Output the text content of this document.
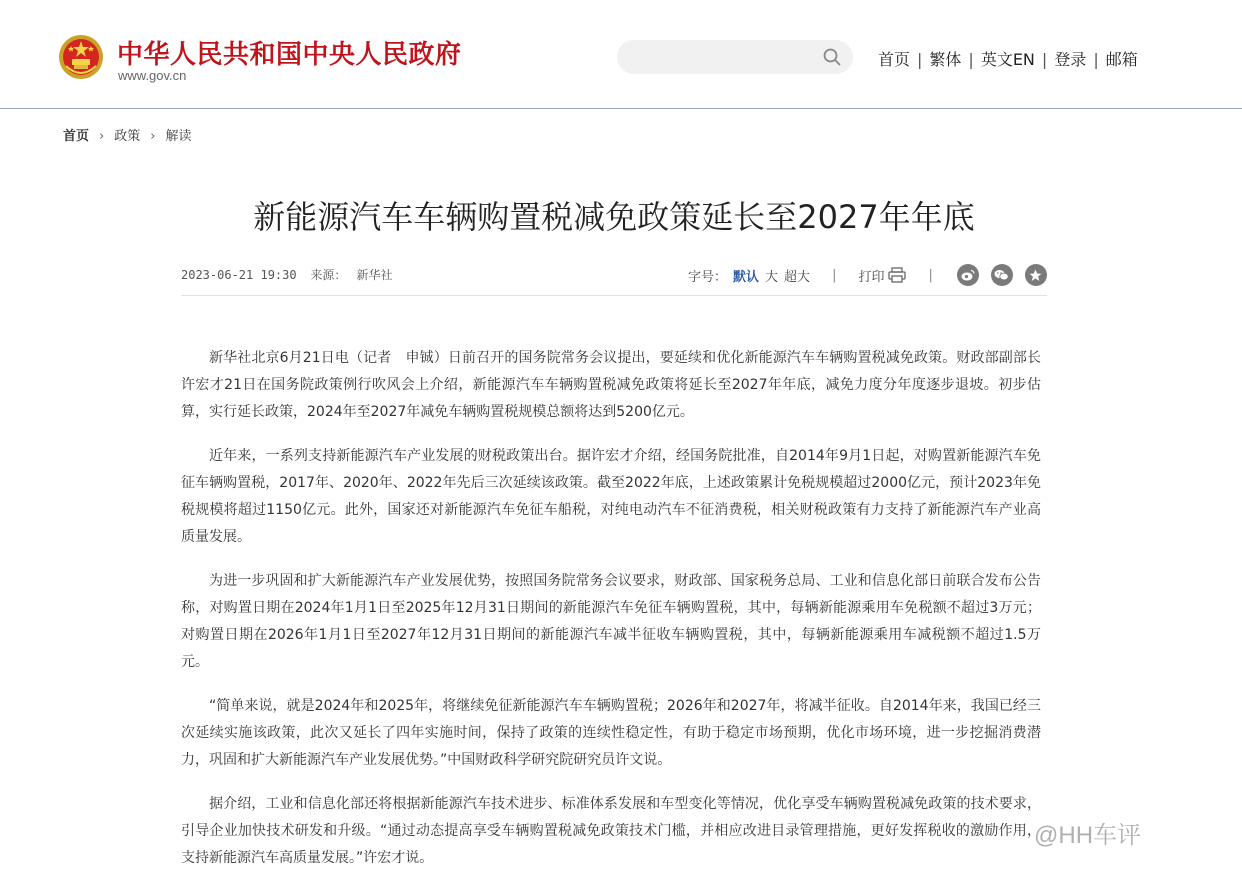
中华人民共和国中央人民政府
www.gov.cn
首页 | 繁体 | 英文EN | 登录 | 邮箱
首页 › 政策 › 解读
新能源汽车车辆购置税减免政策延长至2027年年底
2023-06-21 19:30 来源： 新华社	字号： 默认 大 超大 | 打印	|

新华社北京6月21日电（记者　申铖）日前召开的国务院常务会议提出，要延续和优化新能源汽车车辆购置税减免政策。财政部副部长许宏才21日在国务院政策例行吹风会上介绍，新能源汽车车辆购置税减免政策将延长至2027年年底，减免力度分年度逐步退坡。初步估算，实行延长政策，2024年至2027年减免车辆购置税规模总额将达到5200亿元。

近年来，一系列支持新能源汽车产业发展的财税政策出台。据许宏才介绍，经国务院批准，自2014年9月1日起，对购置新能源汽车免征车辆购置税，2017年、2020年、2022年先后三次延续该政策。截至2022年底，上述政策累计免税规模超过2000亿元，预计2023年免税规模将超过1150亿元。此外，国家还对新能源汽车免征车船税，对纯电动汽车不征消费税，相关财税政策有力支持了新能源汽车产业高质量发展。

为进一步巩固和扩大新能源汽车产业发展优势，按照国务院常务会议要求，财政部、国家税务总局、工业和信息化部日前联合发布公告称，对购置日期在2024年1月1日至2025年12月31日期间的新能源汽车免征车辆购置税，其中，每辆新能源乘用车免税额不超过3万元；对购置日期在2026年1月1日至2027年12月31日期间的新能源汽车减半征收车辆购置税，其中，每辆新能源乘用车减税额不超过1.5万元。

“简单来说，就是2024年和2025年，将继续免征新能源汽车车辆购置税；2026年和2027年，将减半征收。自2014年来，我国已经三次延续实施该政策，此次又延长了四年实施时间，保持了政策的连续性稳定性，有助于稳定市场预期，优化市场环境，进一步挖掘消费潜力，巩固和扩大新能源汽车产业发展优势。”中国财政科学研究院研究员许文说。

据介绍，工业和信息化部还将根据新能源汽车技术进步、标准体系发展和车型变化等情况，优化享受车辆购置税减免政策的技术要求，引导企业加快技术研发和升级。“通过动态提高享受车辆购置税减免政策技术门槛，并相应改进目录管理措施，更好发挥税收的激励作用，支持新能源汽车高质量发展。”许宏才说。

@HH车评
